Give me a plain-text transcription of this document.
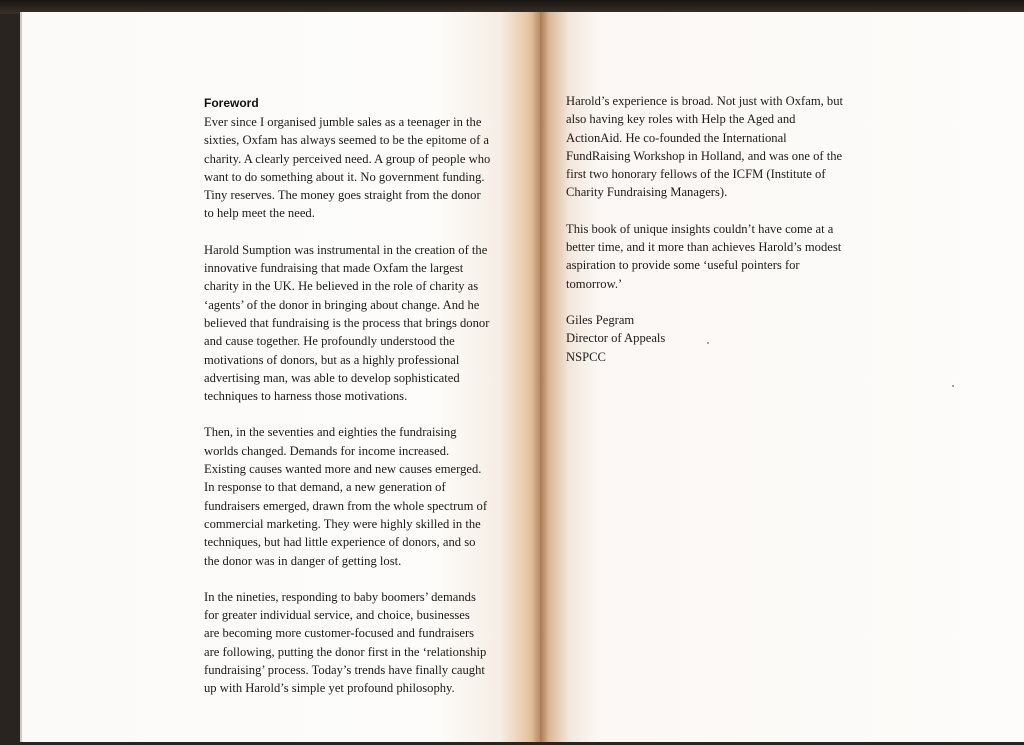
Foreword
Ever since I organised jumble sales as a teenager in the
sixties, Oxfam has always seemed to be the epitome of a
charity. A clearly perceived need. A group of people who
want to do something about it. No government funding.
Tiny reserves. The money goes straight from the donor
to help meet the need.
Harold Sumption was instrumental in the creation of the
innovative fundraising that made Oxfam the largest
charity in the UK. He believed in the role of charity as
‘agents’ of the donor in bringing about change. And he
believed that fundraising is the process that brings donor
and cause together. He profoundly understood the
motivations of donors, but as a highly professional
advertising man, was able to develop sophisticated
techniques to harness those motivations.
Then, in the seventies and eighties the fundraising
worlds changed. Demands for income increased.
Existing causes wanted more and new causes emerged.
In response to that demand, a new generation of
fundraisers emerged, drawn from the whole spectrum of
commercial marketing. They were highly skilled in the
techniques, but had little experience of donors, and so
the donor was in danger of getting lost.
In the nineties, responding to baby boomers’ demands
for greater individual service, and choice, businesses
are becoming more customer-focused and fundraisers
are following, putting the donor first in the ‘relationship
fundraising’ process. Today’s trends have finally caught
up with Harold’s simple yet profound philosophy.
Harold’s experience is broad. Not just with Oxfam, but
also having key roles with Help the Aged and
ActionAid. He co-founded the International
FundRaising Workshop in Holland, and was one of the
first two honorary fellows of the ICFM (Institute of
Charity Fundraising Managers).
This book of unique insights couldn’t have come at a
better time, and it more than achieves Harold’s modest
aspiration to provide some ‘useful pointers for
tomorrow.’
Giles Pegram
Director of Appeals
NSPCC
